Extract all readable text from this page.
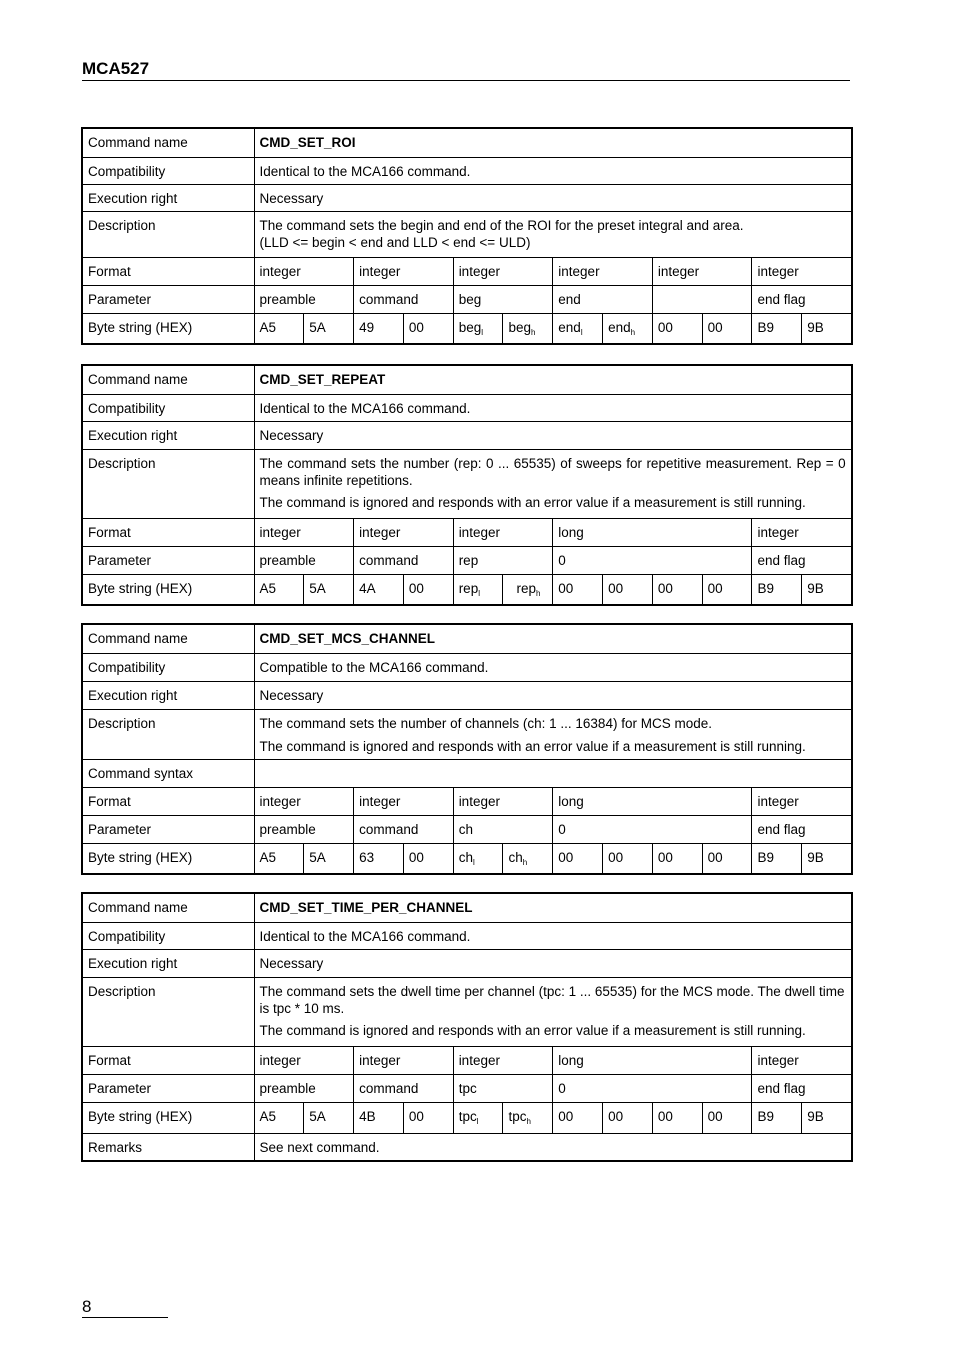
MCA527
Command name	CMD_SET_ROI											
Compatibility	Identical to the MCA166 command.											
Execution right	Necessary											
Description	The command sets the begin and end of the ROI for the preset integral and area.

(LLD <= begin < end and LLD < end <= ULD)											

Format	integer		integer		integer		integer		integer		integer	
Parameter	preamble		command		beg		end				end flag	
Byte string (HEX)	A5	5A	49	00	beg$_l$	beg$_h$	end$_l$	end$_h$	00	00	B9	9B
Command name	CMD_SET_REPEAT											
Compatibility	Identical to the MCA166 command.											
Execution right	Necessary											
Description	The command sets the number (rep: 0 ... 65535) of sweeps for repetitive measurement. Rep = 0 means infinite repetitions.

The command is ignored and responds with an error value if a measurement is still running.											

Format	integer		integer		integer		long				integer	
Parameter	preamble		command		rep		0				end flag	
Byte string (HEX)	A5	5A	4A	00	rep$_l$	rep$_h$	00	00	00	00	B9	9B
Command name	CMD_SET_MCS_CHANNEL											
Compatibility	Compatible to the MCA166 command.											
Execution right	Necessary											
Description	The command sets the number of channels (ch: 1 ... 16384) for MCS mode.

The command is ignored and responds with an error value if a measurement is still running.											

Command syntax												
Format	integer		integer		integer		long				integer	
Parameter	preamble		command		ch		0				end flag	
Byte string (HEX)	A5	5A	63	00	$ch_l$	$ch_h$	00	00	00	00	B9	9B
Command name	CMD_SET_TIME_PER_CHANNEL											
Compatibility	Identical to the MCA166 command.											
Execution right	Necessary											
Description	The command sets the dwell time per channel (tpc: 1 ... 65535) for the MCS mode. The dwell time is tpc * 10 ms.

The command is ignored and responds with an error value if a measurement is still running.											

Format	integer		integer		integer		long				integer	
Parameter	preamble		command		tpc		0				end flag	
Byte string (HEX)	A5	5A	4B	00	tpc$_l$	tpc$_h$	00	00	00	00	B9	9B
Remarks	See next command.											
8
